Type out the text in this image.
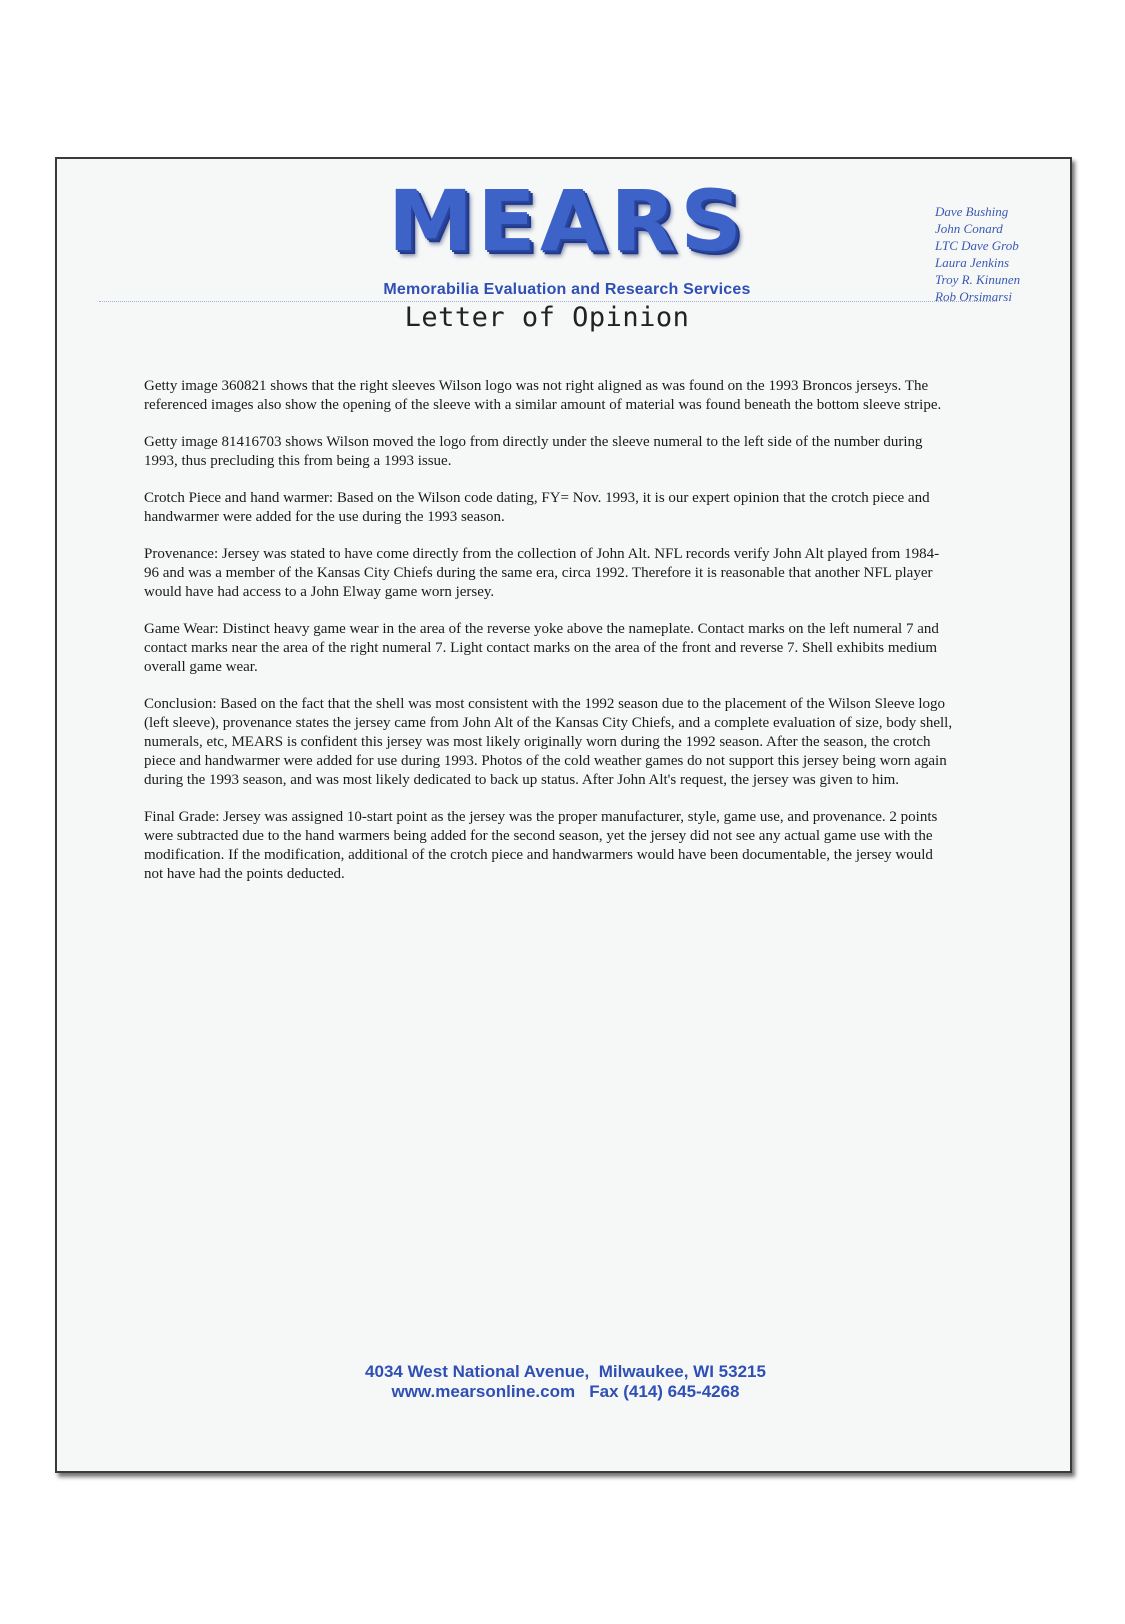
MEARS
Memorabilia Evaluation and Research Services
Dave Bushing
John Conard
LTC Dave Grob
Laura Jenkins
Troy R. Kinunen
Rob Orsimarsi
Letter of Opinion

Getty image 360821 shows that the right sleeves Wilson logo was not right aligned as was found on the 1993 Broncos jerseys. The referenced images also show the opening of the sleeve with a similar amount of material was found beneath the bottom sleeve stripe.

Getty image 81416703 shows Wilson moved the logo from directly under the sleeve numeral to the left side of the number during 1993, thus precluding this from being a 1993 issue.

Crotch Piece and hand warmer: Based on the Wilson code dating, FY= Nov. 1993, it is our expert opinion that the crotch piece and handwarmer were added for the use during the 1993 season.

Provenance: Jersey was stated to have come directly from the collection of John Alt. NFL records verify John Alt played from 1984-96 and was a member of the Kansas City Chiefs during the same era, circa 1992. Therefore it is reasonable that another NFL player would have had access to a John Elway game worn jersey.

Game Wear: Distinct heavy game wear in the area of the reverse yoke above the nameplate. Contact marks on the left numeral 7 and contact marks near the area of the right numeral 7. Light contact marks on the area of the front and reverse 7. Shell exhibits medium overall game wear.

Conclusion: Based on the fact that the shell was most consistent with the 1992 season due to the placement of the Wilson Sleeve logo (left sleeve), provenance states the jersey came from John Alt of the Kansas City Chiefs, and a complete evaluation of size, body shell, numerals, etc, MEARS is confident this jersey was most likely originally worn during the 1992 season. After the season, the crotch piece and handwarmer were added for use during 1993. Photos of the cold weather games do not support this jersey being worn again during the 1993 season, and was most likely dedicated to back up status. After John Alt's request, the jersey was given to him.

Final Grade: Jersey was assigned 10-start point as the jersey was the proper manufacturer, style, game use, and provenance. 2 points were subtracted due to the hand warmers being added for the second season, yet the jersey did not see any actual game use with the modification. If the modification, additional of the crotch piece and handwarmers would have been documentable, the jersey would not have had the points deducted.

4034 West National Avenue,  Milwaukee, WI 53215
www.mearsonline.com   Fax (414) 645-4268
